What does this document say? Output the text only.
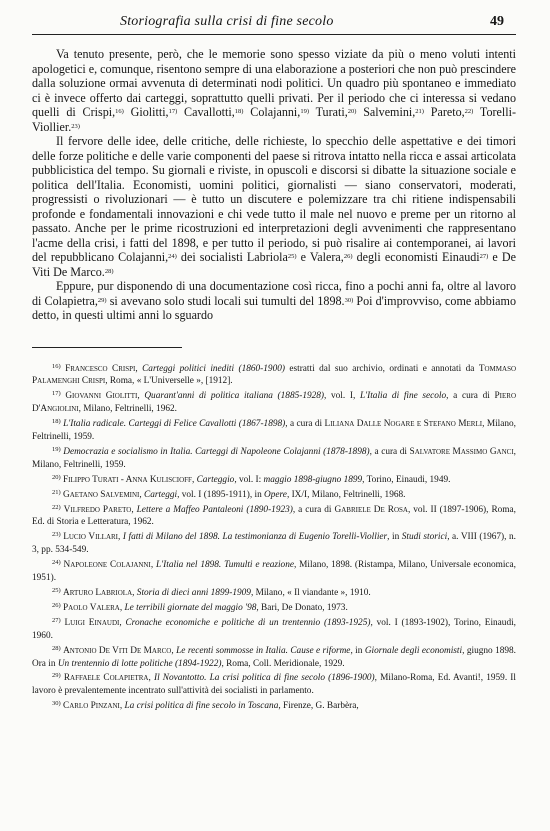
Storiografia sulla crisi di fine secolo	49

Va tenuto presente, però, che le memorie sono spesso viziate da più o meno voluti intenti apologetici e, comunque, risentono sempre di una elaborazione a posteriori che non può prescindere dalla soluzione ormai avvenuta di determinati nodi politici. Un quadro più spontaneo e immediato ci è invece offerto dai carteggi, soprattutto quelli privati. Per il periodo che ci interessa si vedano quelli di Crispi,$^{16)}$ Giolitti,$^{17)}$ Cavallotti,$^{18)}$ Colajanni,$^{19)}$ Turati,$^{20)}$ Salvemini,$^{21)}$ Pareto,$^{22)}$ Torelli-Viollier.$^{23)}$

Il fervore delle idee, delle critiche, delle richieste, lo specchio delle aspettative e dei timori delle forze politiche e delle varie componenti del paese si ritrova intatto nella ricca e assai articolata pubblicistica del tempo. Su giornali e riviste, in opuscoli e discorsi si dibatte la situazione sociale e politica dell'Italia. Economisti, uomini politici, giornalisti — siano conservatori, moderati, progressisti o rivoluzionari — è tutto un discutere e polemizzare tra chi ritiene indispensabili profonde e fondamentali innovazioni e chi vede tutto il male nel nuovo e preme per un ritorno al passato. Anche per le prime ricostruzioni ed interpretazioni degli avvenimenti che rappresentano l'acme della crisi, i fatti del 1898, e per tutto il periodo, si può risalire ai contemporanei, ai lavori del repubblicano Colajanni,$^{24)}$ dei socialisti Labriola$^{25)}$ e Valera,$^{26)}$ degli economisti Einaudi$^{27)}$ e De Viti De Marco.$^{28)}$

Eppure, pur disponendo di una documentazione così ricca, fino a pochi anni fa, oltre al lavoro di Colapietra,$^{29)}$ si avevano solo studi locali sui tumulti del 1898.$^{30)}$ Poi d'improvviso, come abbiamo detto, in questi ultimi anni lo sguardo

$^{16)}$ Francesco Crispi, Carteggi politici inediti (1860-1900) estratti dal suo archivio, ordinati e annotati da Tommaso Palamenghi Crispi, Roma, « L'Universelle », [1912].

$^{17)}$ Giovanni Giolitti, Quarant'anni di politica italiana (1885-1928), vol. I, L'Italia di fine secolo, a cura di Piero D'Angiolini, Milano, Feltrinelli, 1962.

$^{18)}$ L'Italia radicale. Carteggi di Felice Cavallotti (1867-1898), a cura di Liliana Dalle Nogare e Stefano Merli, Milano, Feltrinelli, 1959.

$^{19)}$ Democrazia e socialismo in Italia. Carteggi di Napoleone Colajanni (1878-1898), a cura di Salvatore Massimo Ganci, Milano, Feltrinelli, 1959.

$^{20)}$ Filippo Turati - Anna Kuliscioff, Carteggio, vol. I: maggio 1898-giugno 1899, Torino, Einaudi, 1949.

$^{21)}$ Gaetano Salvemini, Carteggi, vol. I (1895-1911), in Opere, IX/I, Milano, Feltrinelli, 1968.

$^{22)}$ Vilfredo Pareto, Lettere a Maffeo Pantaleoni (1890-1923), a cura di Gabriele De Rosa, vol. II (1897-1906), Roma, Ed. di Storia e Letteratura, 1962.

$^{23)}$ Lucio Villari, I fatti di Milano del 1898. La testimonianza di Eugenio Torelli-Viollier, in Studi storici, a. VIII (1967), n. 3, pp. 534-549.

$^{24)}$ Napoleone Colajanni, L'Italia nel 1898. Tumulti e reazione, Milano, 1898. (Ristampa, Milano, Universale economica, 1951).

$^{25)}$ Arturo Labriola, Storia di dieci anni 1899-1909, Milano, « Il viandante », 1910.

$^{26)}$ Paolo Valera, Le terribili giornate del maggio '98, Bari, De Donato, 1973.

$^{27)}$ Luigi Einaudi, Cronache economiche e politiche di un trentennio (1893-1925), vol. I (1893-1902), Torino, Einaudi, 1960.

$^{28)}$ Antonio De Viti De Marco, Le recenti sommosse in Italia. Cause e riforme, in Giornale degli economisti, giugno 1898. Ora in Un trentennio di lotte politiche (1894-1922), Roma, Coll. Meridionale, 1929.

$^{29)}$ Raffaele Colapietra, Il Novantotto. La crisi politica di fine secolo (1896-1900), Milano-Roma, Ed. Avanti!, 1959. Il lavoro è prevalentemente incentrato sull'attività dei socialisti in parlamento.

$^{30)}$ Carlo Pinzani, La crisi politica di fine secolo in Toscana, Firenze, G. Barbèra,
